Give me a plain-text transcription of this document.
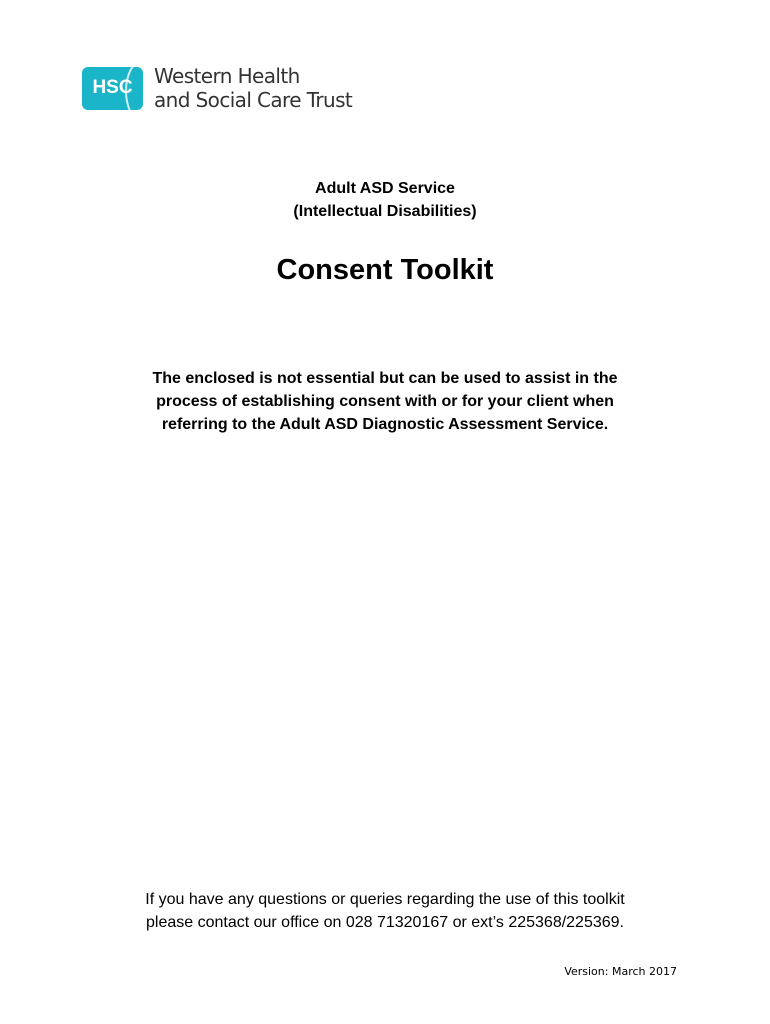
HSC Western Health
and Social Care Trust
Adult ASD Service
(Intellectual Disabilities)
Consent Toolkit
The enclosed is not essential but can be used to assist in the
process of establishing consent with or for your client when
referring to the Adult ASD Diagnostic Assessment Service.
If you have any questions or queries regarding the use of this toolkit
please contact our office on 028 71320167 or ext’s 225368/225369.
Version: March 2017
